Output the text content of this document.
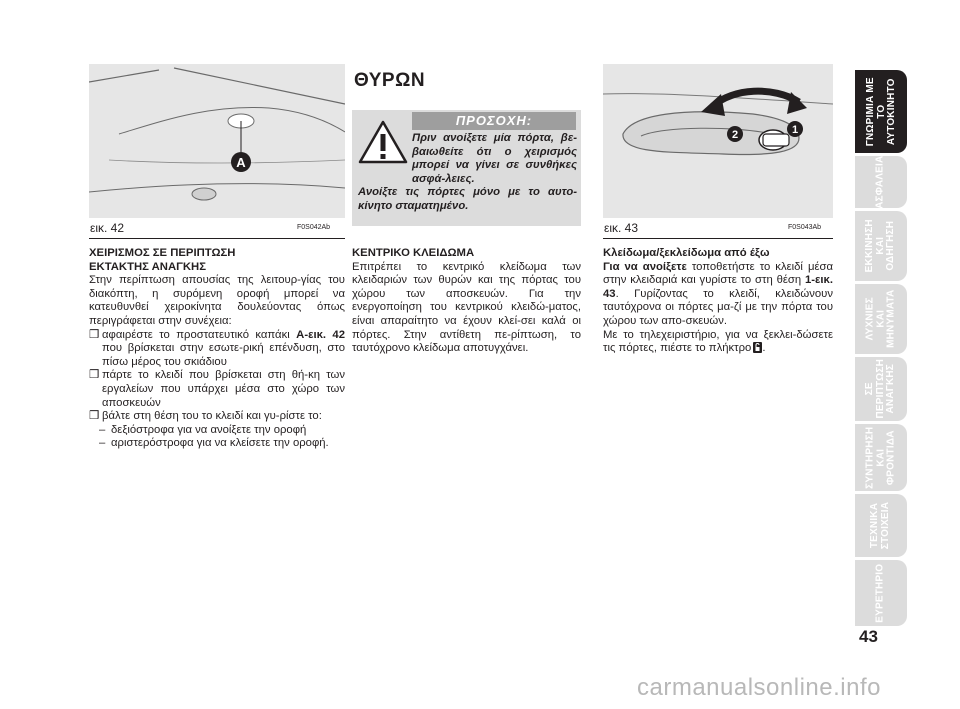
A
εικ. 42	F0S042Ab

ΧΕΙΡΙΣΜΟΣ ΣΕ ΠΕΡΙΠΤΩΣΗ

ΕΚΤΑΚΤΗΣ ΑΝΑΓΚΗΣ

Στην περίπτωση απουσίας της λειτουρ-γίας του διακόπτη, η συρόμενη οροφή μπορεί να κατευθυνθεί χειροκίνητα δουλεύοντας όπως περιγράφεται στην συνέχεια:

❒ αφαιρέστε το προστατευτικό καπάκι A-εικ. 42 που βρίσκεται στην εσωτε-ρική επένδυση, στο πίσω μέρος του σκιάδιου
❒ πάρτε το κλειδί που βρίσκεται στη θή-κη των εργαλείων που υπάρχει μέσα στο χώρο των αποσκευών
❒ βάλτε στη θέση του το κλειδί και γυ-ρίστε το:
– δεξιόστροφα για να ανοίξετε την οροφή
– αριστερόστροφα για να κλείσετε την οροφή.
ΘΥΡΩΝ
ΠΡΟΣΟΧΗ:

Πριν ανοίξετε μία πόρτα, βε-βαιωθείτε ότι ο χειρισμός μπορεί να γίνει σε συνθήκες ασφά-λειες.

Ανοίξτε τις πόρτες μόνο με το αυτο-κίνητο σταματημένο.

ΚΕΝΤΡΙΚΟ ΚΛΕΙΔΩΜΑ

Επιτρέπει το κεντρικό κλείδωμα των κλειδαριών των θυρών και της πόρτας του χώρου των αποσκευών. Για την ενεργοποίηση του κεντρικού κλειδώ-ματος, είναι απαραίτητο να έχουν κλεί-σει καλά οι πόρτες. Στην αντίθετη πε-ρίπτωση, το ταυτόχρονο κλείδωμα αποτυγχάνει.

2	1
εικ. 43	F0S043Ab

Κλείδωμα/ξεκλείδωμα από έξω

Για να ανοίξετε τοποθετήστε το κλειδί μέσα στην κλειδαριά και γυρίστε το στη θέση 1-εικ. 43. Γυρίζοντας το κλειδί, κλειδώνουν ταυτόχρονα οι πόρτες μα-ζί με την πόρτα του χώρου των απο-σκευών.

Με το τηλεχειριστήριο, για να ξεκλει-δώσετε τις πόρτες, πιέστε το πλήκτρο .

ΓΝΩΡΙΜΙΑ ΜΕ
ΤΟ
ΑΥΤΟΚΙΝΗΤΟ
ΑΣΦΑΛΕΙΑ
ΕΚΚΙΝΗΣΗ
ΚΑΙ
ΟΔΗΓΗΣΗ
ΛΥΧΝΙΕΣ
ΚΑΙ
ΜΗΝΥΜΑΤΑ
ΣΕ
ΠΕΡΙΠΤΩΣΗ
ΑΝΑΓΚΗΣ
ΣΥΝΤΗΡΗΣΗ
ΚΑΙ
ΦΡΟΝΤΙΔΑ
ΤΕΧΝΙΚΑ
ΣΤΟΙΧΕΙΑ
ΕΥΡΕΤΗΡΙΟ
43
carmanualsonline.info
